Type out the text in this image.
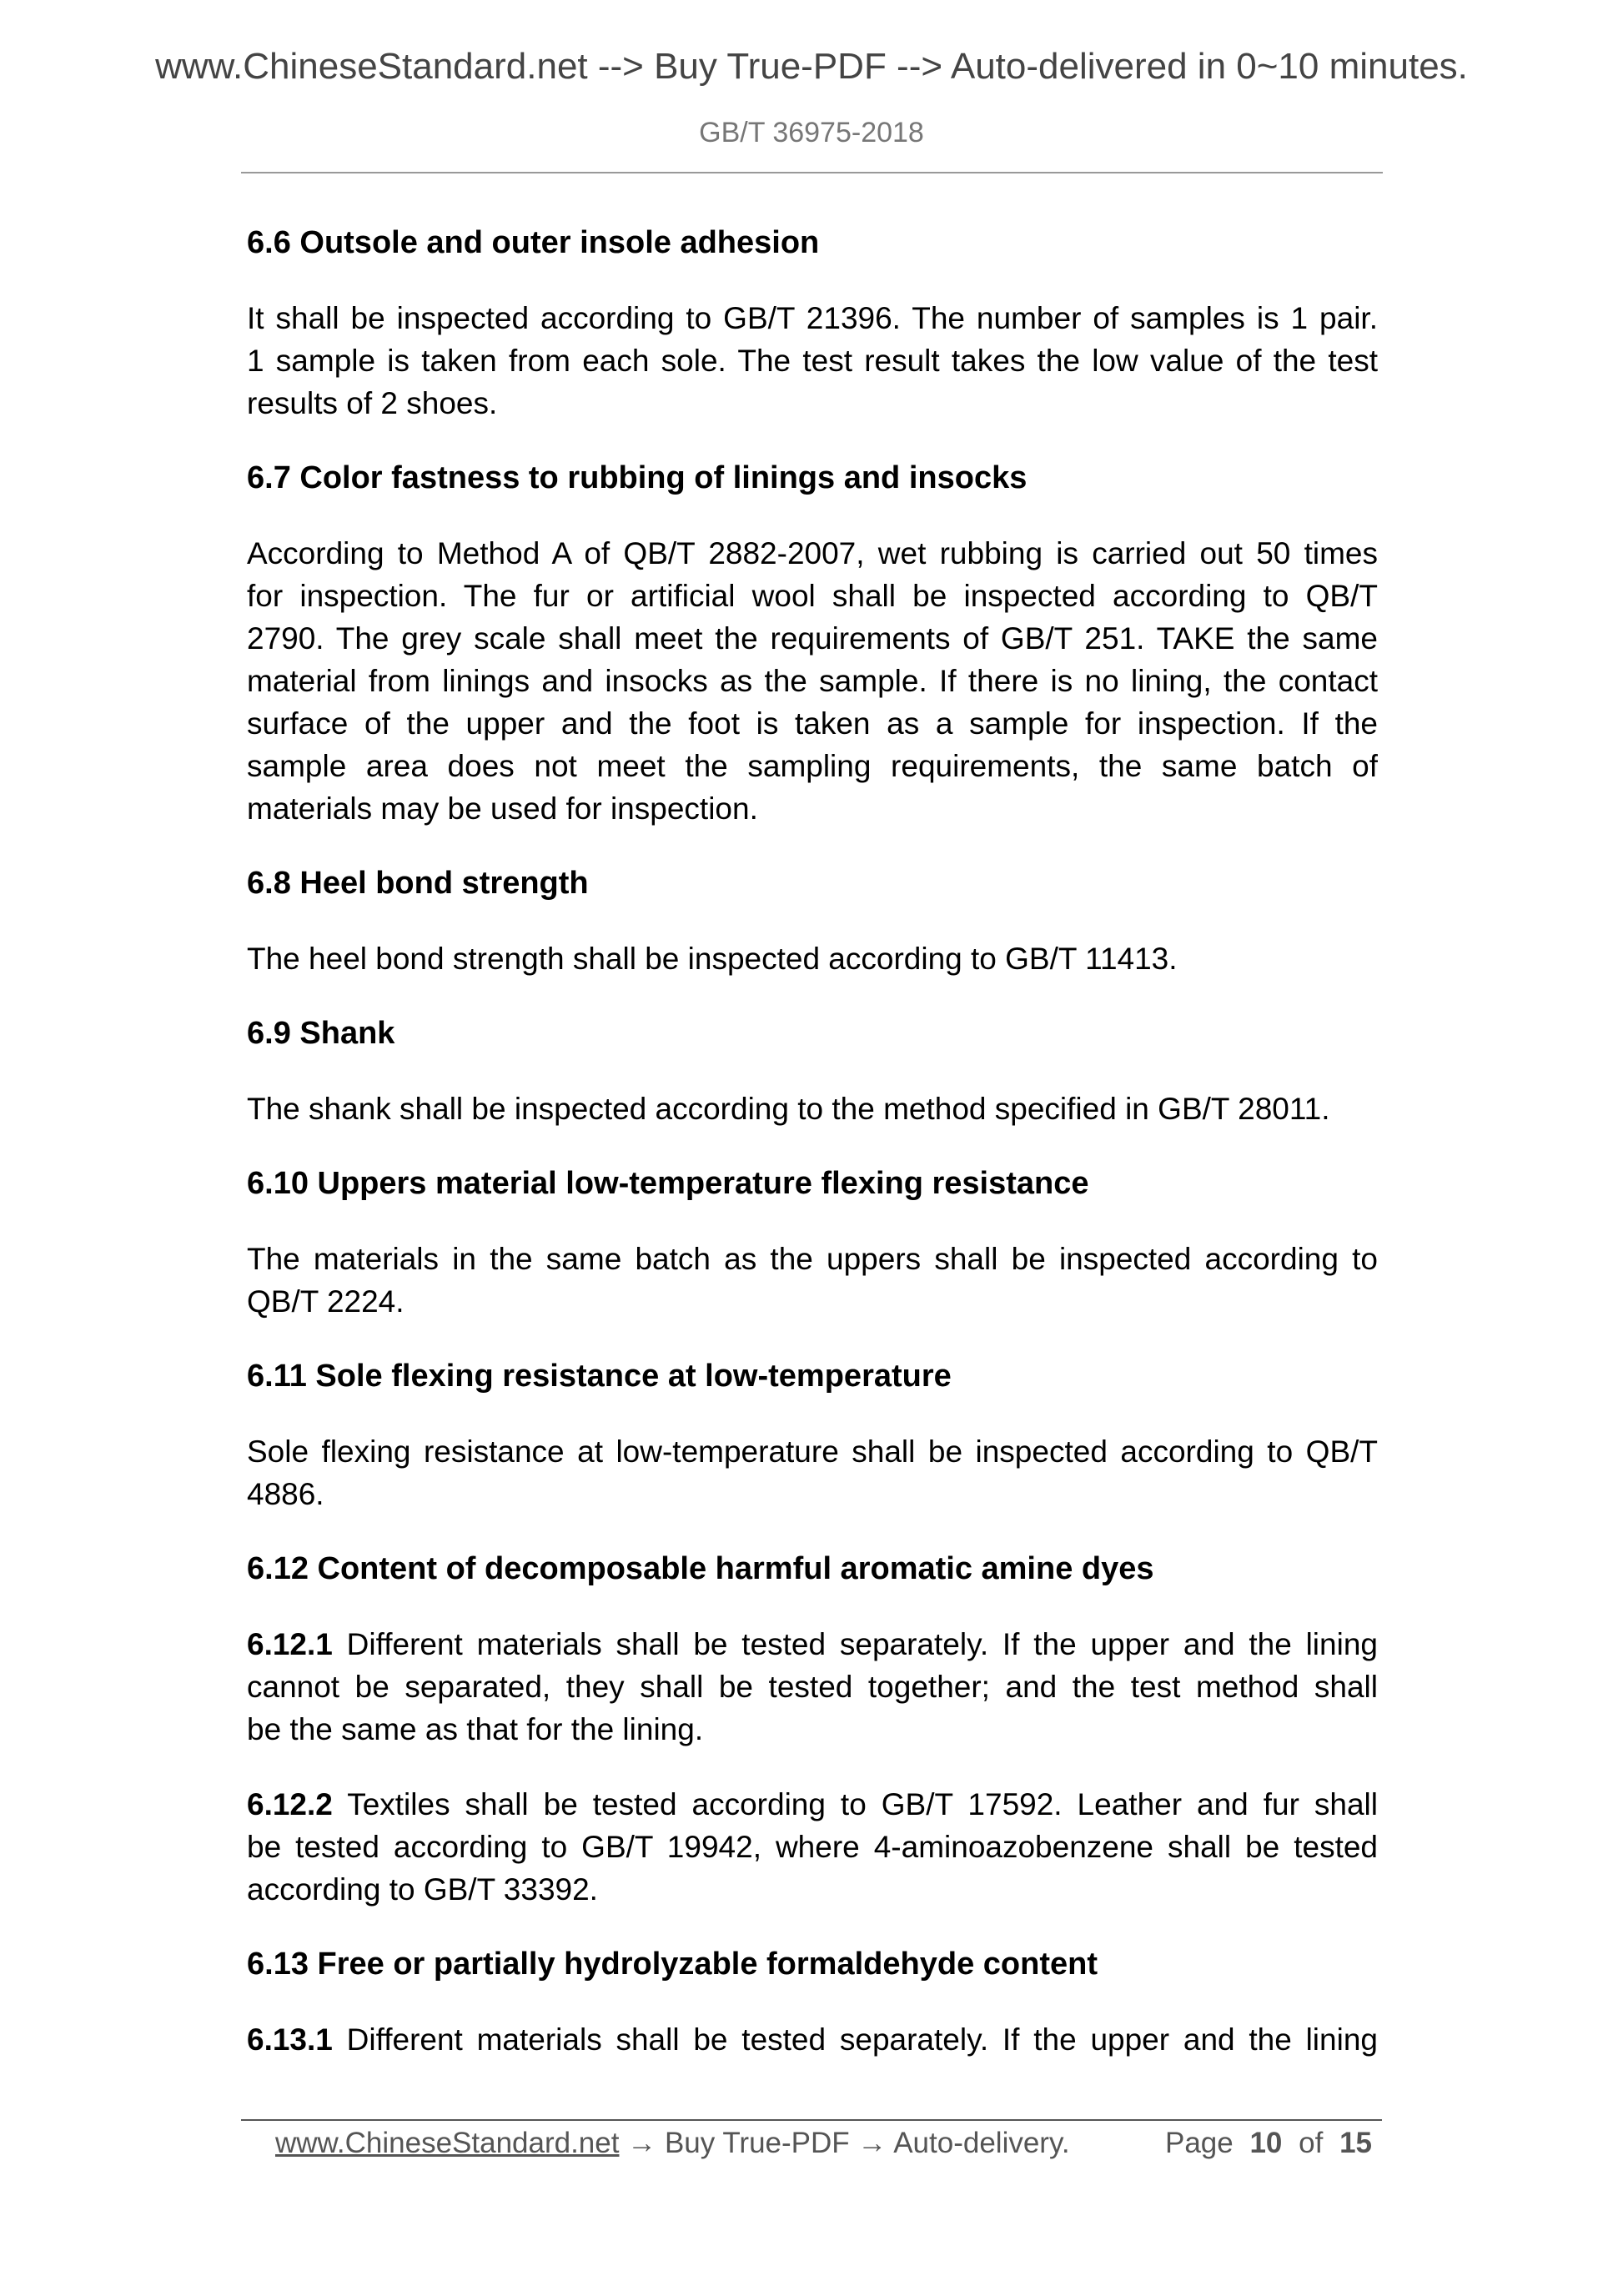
www.ChineseStandard.net --> Buy True-PDF --> Auto-delivered in 0~10 minutes.
GB/T 36975-2018
6.6 Outsole and outer insole adhesion
It shall be inspected according to GB/T 21396. The number of samples is 1 pair.
1 sample is taken from each sole. The test result takes the low value of the test
results of 2 shoes.
6.7 Color fastness to rubbing of linings and insocks
According to Method A of QB/T 2882-2007, wet rubbing is carried out 50 times
for inspection. The fur or artificial wool shall be inspected according to QB/T
2790. The grey scale shall meet the requirements of GB/T 251. TAKE the same
material from linings and insocks as the sample. If there is no lining, the contact
surface of the upper and the foot is taken as a sample for inspection. If the
sample area does not meet the sampling requirements, the same batch of
materials may be used for inspection.
6.8 Heel bond strength
The heel bond strength shall be inspected according to GB/T 11413.
6.9 Shank
The shank shall be inspected according to the method specified in GB/T 28011.
6.10 Uppers material low-temperature flexing resistance
The materials in the same batch as the uppers shall be inspected according to
QB/T 2224.
6.11 Sole flexing resistance at low-temperature
Sole flexing resistance at low-temperature shall be inspected according to QB/T
4886.
6.12 Content of decomposable harmful aromatic amine dyes
6.12.1 Different materials shall be tested separately. If the upper and the lining
cannot be separated, they shall be tested together; and the test method shall
be the same as that for the lining.
6.12.2 Textiles shall be tested according to GB/T 17592. Leather and fur shall
be tested according to GB/T 19942, where 4-aminoazobenzene shall be tested
according to GB/T 33392.
6.13 Free or partially hydrolyzable formaldehyde content
6.13.1 Different materials shall be tested separately. If the upper and the lining
www.ChineseStandard.net → Buy True-PDF → Auto-delivery.	Page 10 of 15
